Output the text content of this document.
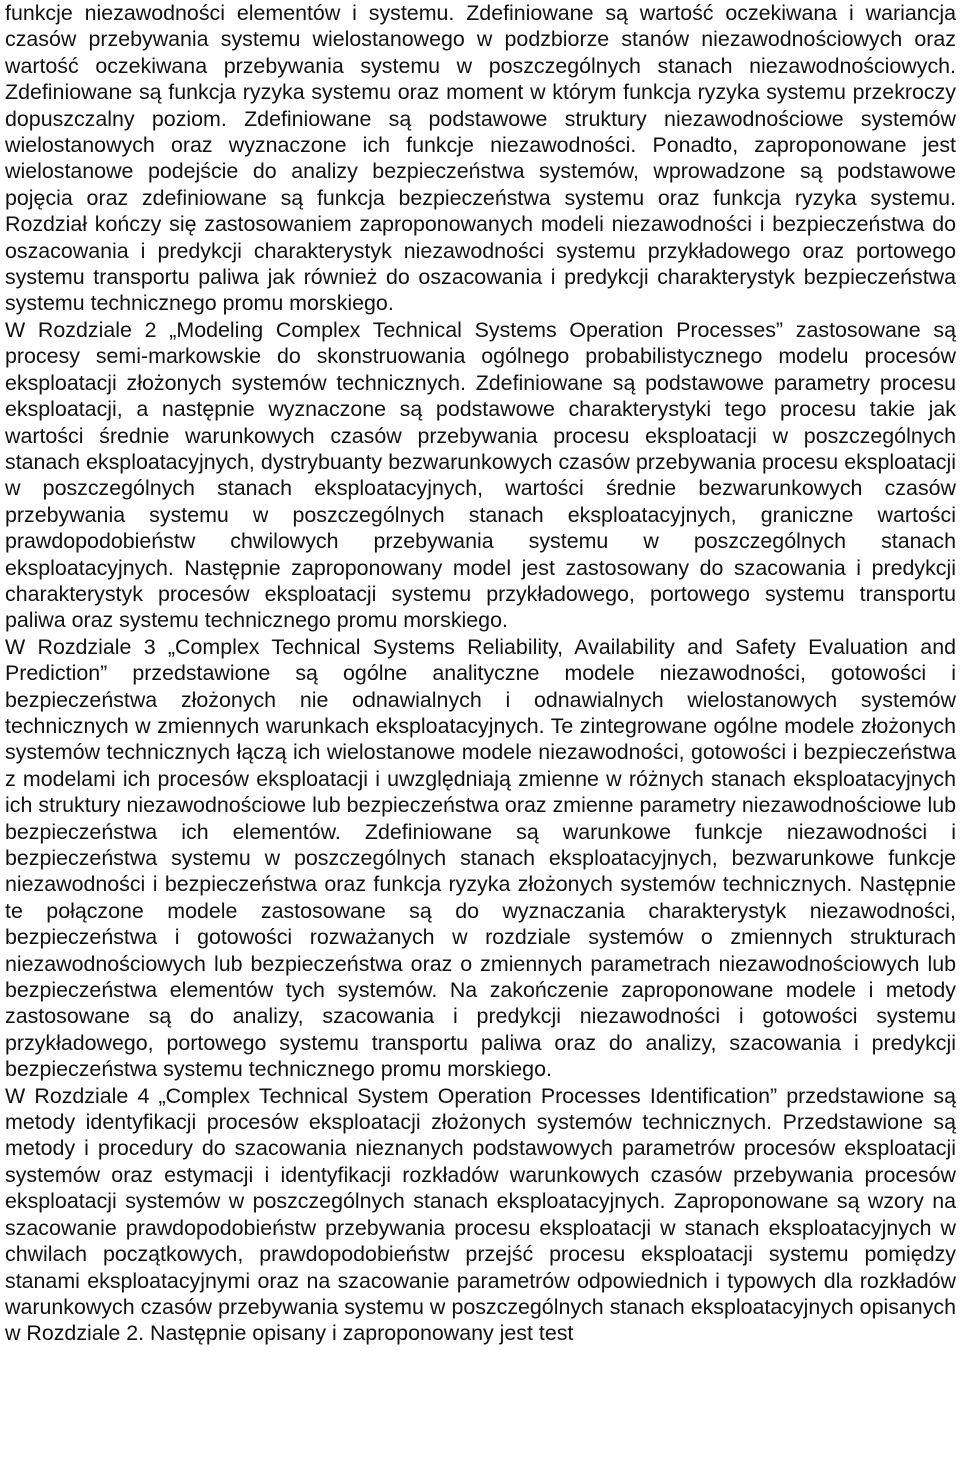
funkcje niezawodności elementów i systemu. Zdefiniowane są wartość oczekiwana i wariancja czasów przebywania systemu wielostanowego w podzbiorze stanów niezawodnościowych oraz wartość oczekiwana przebywania systemu w poszczególnych stanach niezawodnościowych. Zdefiniowane są funkcja ryzyka systemu oraz moment w którym funkcja ryzyka systemu przekroczy dopuszczalny poziom. Zdefiniowane są podstawowe struktury niezawodnościowe systemów wielostanowych oraz wyznaczone ich funkcje niezawodności. Ponadto, zaproponowane jest wielostanowe podejście do analizy bezpieczeństwa systemów, wprowadzone są podstawowe pojęcia oraz zdefiniowane są funkcja bezpieczeństwa systemu oraz funkcja ryzyka systemu. Rozdział kończy się zastosowaniem zaproponowanych modeli niezawodności i bezpieczeństwa do oszacowania i predykcji charakterystyk niezawodności systemu przykładowego oraz portowego systemu transportu paliwa jak również do oszacowania i predykcji charakterystyk bezpieczeństwa systemu technicznego promu morskiego.

W Rozdziale 2 „Modeling Complex Technical Systems Operation Processes” zastosowane są procesy semi-markowskie do skonstruowania ogólnego probabilistycznego modelu procesów eksploatacji złożonych systemów technicznych. Zdefiniowane są podstawowe parametry procesu eksploatacji, a następnie wyznaczone są podstawowe charakterystyki tego procesu takie jak wartości średnie warunkowych czasów przebywania procesu eksploatacji w poszczególnych stanach eksploatacyjnych, dystrybuanty bezwarunkowych czasów przebywania procesu eksploatacji w poszczególnych stanach eksploatacyjnych, wartości średnie bezwarunkowych czasów przebywania systemu w poszczególnych stanach eksploatacyjnych, graniczne wartości prawdopodobieństw chwilowych przebywania systemu w poszczególnych stanach eksploatacyjnych. Następnie zaproponowany model jest zastosowany do szacowania i predykcji charakterystyk procesów eksploatacji systemu przykładowego, portowego systemu transportu paliwa oraz systemu technicznego promu morskiego.

W Rozdziale 3 „Complex Technical Systems Reliability, Availability and Safety Evaluation and Prediction” przedstawione są ogólne analityczne modele niezawodności, gotowości i bezpieczeństwa złożonych nie odnawialnych i odnawialnych wielostanowych systemów technicznych w zmiennych warunkach eksploatacyjnych. Te zintegrowane ogólne modele złożonych systemów technicznych łączą ich wielostanowe modele niezawodności, gotowości i bezpieczeństwa z modelami ich procesów eksploatacji i uwzględniają zmienne w różnych stanach eksploatacyjnych ich struktury niezawodnościowe lub bezpieczeństwa oraz zmienne parametry niezawodnościowe lub bezpieczeństwa ich elementów. Zdefiniowane są warunkowe funkcje niezawodności i bezpieczeństwa systemu w poszczególnych stanach eksploatacyjnych, bezwarunkowe funkcje niezawodności i bezpieczeństwa oraz funkcja ryzyka złożonych systemów technicznych. Następnie te połączone modele zastosowane są do wyznaczania charakterystyk niezawodności, bezpieczeństwa i gotowości rozważanych w rozdziale systemów o zmiennych strukturach niezawodnościowych lub bezpieczeństwa oraz o zmiennych parametrach niezawodnościowych lub bezpieczeństwa elementów tych systemów. Na zakończenie zaproponowane modele i metody zastosowane są do analizy, szacowania i predykcji niezawodności i gotowości systemu przykładowego, portowego systemu transportu paliwa oraz do analizy, szacowania i predykcji bezpieczeństwa systemu technicznego promu morskiego.

W Rozdziale 4 „Complex Technical System Operation Processes Identification” przedstawione są metody identyfikacji procesów eksploatacji złożonych systemów technicznych. Przedstawione są metody i procedury do szacowania nieznanych podstawowych parametrów procesów eksploatacji systemów oraz estymacji i identyfikacji rozkładów warunkowych czasów przebywania procesów eksploatacji systemów w poszczególnych stanach eksploatacyjnych. Zaproponowane są wzory na szacowanie prawdopodobieństw przebywania procesu eksploatacji w stanach eksploatacyjnych w chwilach początkowych, prawdopodobieństw przejść procesu eksploatacji systemu pomiędzy stanami eksploatacyjnymi oraz na szacowanie parametrów odpowiednich i typowych dla rozkładów warunkowych czasów przebywania systemu w poszczególnych stanach eksploatacyjnych opisanych w Rozdziale 2. Następnie opisany i zaproponowany jest test
